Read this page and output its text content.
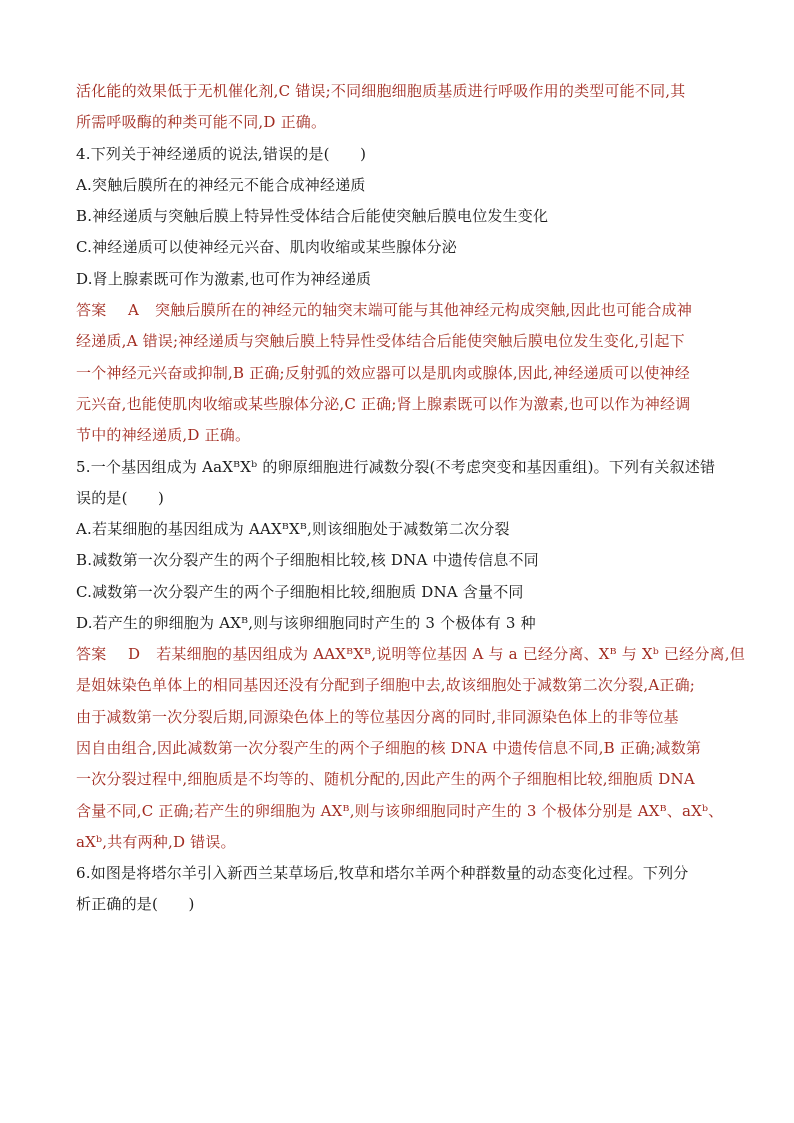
活化能的效果低于无机催化剂,C 错误;不同细胞细胞质基质进行呼吸作用的类型可能不同,其
所需呼吸酶的种类可能不同,D 正确。
4.下列关于神经递质的说法,错误的是(　　)
A.突触后膜所在的神经元不能合成神经递质
B.神经递质与突触后膜上特异性受体结合后能使突触后膜电位发生变化
C.神经递质可以使神经元兴奋、肌肉收缩或某些腺体分泌
D.肾上腺素既可作为激素,也可作为神经递质
答案 A 突触后膜所在的神经元的轴突末端可能与其他神经元构成突触,因此也可能合成神
经递质,A 错误;神经递质与突触后膜上特异性受体结合后能使突触后膜电位发生变化,引起下
一个神经元兴奋或抑制,B 正确;反射弧的效应器可以是肌肉或腺体,因此,神经递质可以使神经
元兴奋,也能使肌肉收缩或某些腺体分泌,C 正确;肾上腺素既可以作为激素,也可以作为神经调
节中的神经递质,D 正确。
5.一个基因组成为 AaXᴮXᵇ 的卵原细胞进行减数分裂(不考虑突变和基因重组)。下列有关叙述错
误的是(　　)
A.若某细胞的基因组成为 AAXᴮXᴮ,则该细胞处于减数第二次分裂
B.减数第一次分裂产生的两个子细胞相比较,核 DNA 中遗传信息不同
C.减数第一次分裂产生的两个子细胞相比较,细胞质 DNA 含量不同
D.若产生的卵细胞为 AXᴮ,则与该卵细胞同时产生的 3 个极体有 3 种
答案 D 若某细胞的基因组成为 AAXᴮXᴮ,说明等位基因 A 与 a 已经分离、Xᴮ 与 Xᵇ 已经分离,但
是姐妹染色单体上的相同基因还没有分配到子细胞中去,故该细胞处于减数第二次分裂,A正确;
由于减数第一次分裂后期,同源染色体上的等位基因分离的同时,非同源染色体上的非等位基
因自由组合,因此减数第一次分裂产生的两个子细胞的核 DNA 中遗传信息不同,B 正确;减数第
一次分裂过程中,细胞质是不均等的、随机分配的,因此产生的两个子细胞相比较,细胞质 DNA
含量不同,C 正确;若产生的卵细胞为 AXᴮ,则与该卵细胞同时产生的 3 个极体分别是 AXᴮ、aXᵇ、
aXᵇ,共有两种,D 错误。
6.如图是将塔尔羊引入新西兰某草场后,牧草和塔尔羊两个种群数量的动态变化过程。下列分
析正确的是(　　)
